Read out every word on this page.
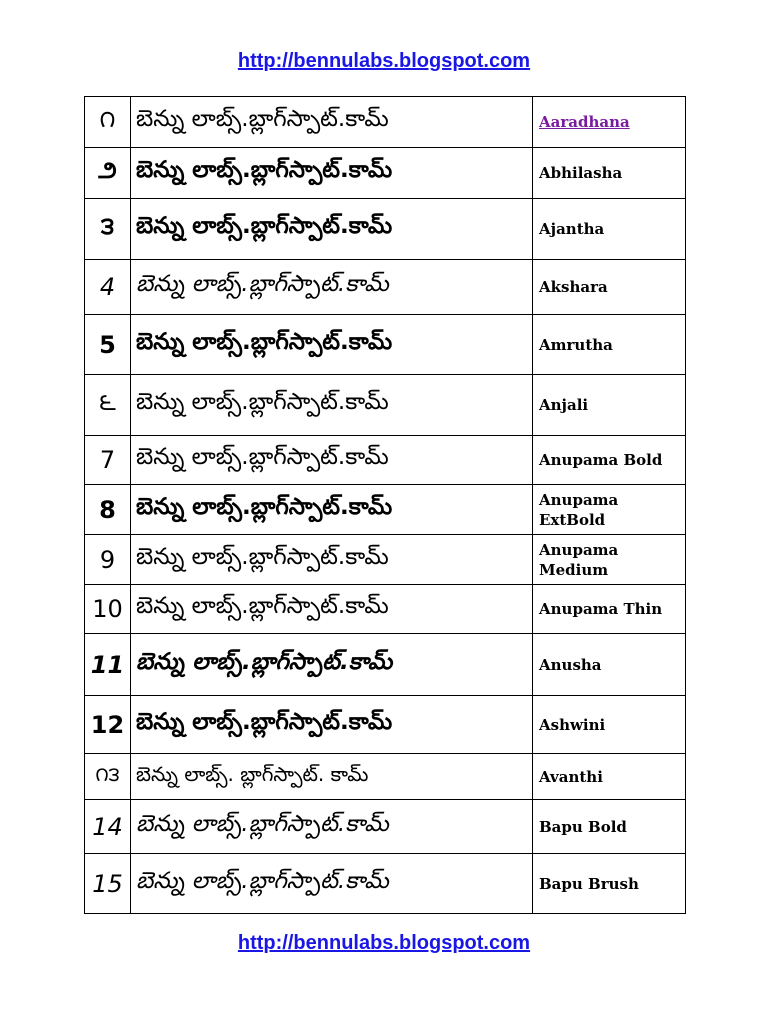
http://bennulabs.blogspot.com
౧	బెన్ను లాబ్స్.బ్లాగ్‌స్పాట్.కామ్	Aaradhana
౨	బెన్ను లాబ్స్.బ్లాగ్‌స్పాట్.కామ్	Abhilasha
౩	బెన్ను లాబ్స్.బ్లాగ్‌స్పాట్.కామ్	Ajantha
4	బెన్ను లాబ్స్.బ్లాగ్‌స్పాట్.కామ్	Akshara
5	బెన్ను లాబ్స్.బ్లాగ్‌స్పాట్.కామ్	Amrutha
౬	బెన్ను లాబ్స్.బ్లాగ్‌స్పాట్.కామ్	Anjali
7	బెన్ను లాబ్స్.బ్లాగ్‌స్పాట్.కామ్	Anupama Bold
8	బెన్ను లాబ్స్.బ్లాగ్‌స్పాట్.కామ్	Anupama ExtBold
9	బెన్ను లాబ్స్.బ్లాగ్‌స్పాట్.కామ్	Anupama Medium
10	బెన్ను లాబ్స్.బ్లాగ్‌స్పాట్.కామ్	Anupama Thin
11	బెన్ను లాబ్స్.బ్లాగ్‌స్పాట్.కామ్	Anusha
12	బెన్ను లాబ్స్.బ్లాగ్‌స్పాట్.కామ్	Ashwini
౧౩	బెన్ను లాబ్స్. బ్లాగ్‌స్పాట్. కామ్	Avanthi
14	బెన్ను లాబ్స్.బ్లాగ్‌స్పాట్.కామ్	Bapu Bold
15	బెన్ను లాబ్స్.బ్లాగ్‌స్పాట్.కామ్	Bapu Brush
http://bennulabs.blogspot.com
